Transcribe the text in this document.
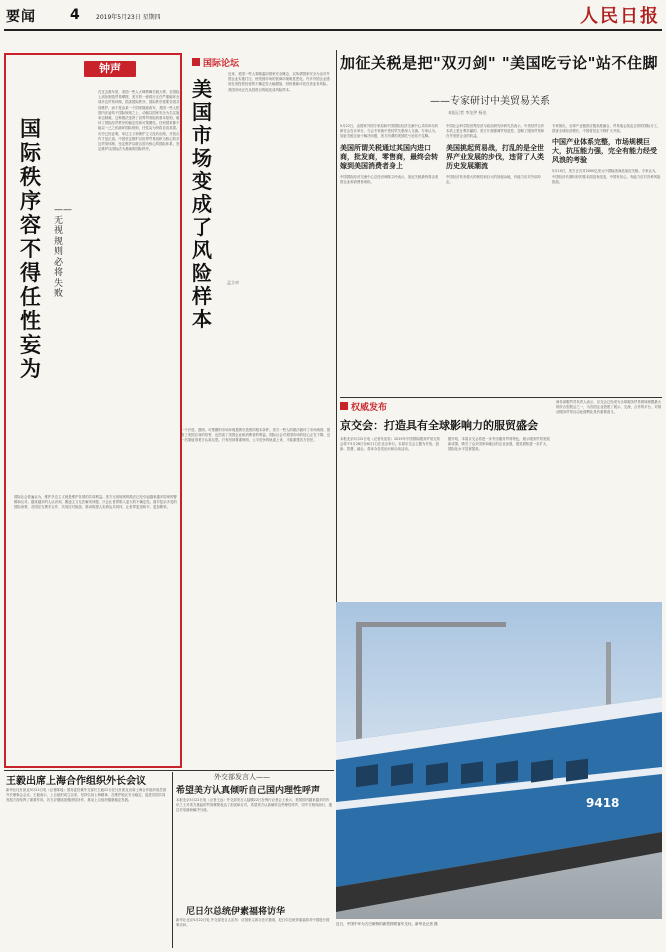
要闻 4	2019年5月23日 星期四	人民日报
钟声
国际秩序容不得任性妄为
——无视规则必将失败
在过去数年里，美国一些人大肆挥舞关税大棒，在国际上到处制造贸易摩擦，美方的一意孤行正在严重破坏全球多边贸易体制，损害国际秩序。国际秩序需要各国共同维护，而不是由某一个国家随意改写。美国一些人把国内法凌驾于国际规则之上，动辄以国家安全为名实施单边制裁，这种做法违背了世界贸易组织基本原则，破坏了国际经贸秩序的稳定性和可预期性。任何国家都不能以一己之私破坏国际规则，任性妄为终将自食其果。历史已经证明，单边主义和保护主义没有出路，开放合作才是正道。中国坚定维护以世界贸易组织为核心的多边贸易体制，坚定维护以联合国为核心的国际体系，坚定维护以国际法为基础的国际秩序。
国际社会普遍认为，维护多边主义就是维护各国的共同利益。美方无视规则的做法已经引起越来越多国家的警惕和反对。越来越多的人认识到，霸凌主义无法解决问题，只会让世界陷入更大的不确定性。面对复杂多变的国际形势，各国应当携手合作，共同应对挑战，推动构建人类命运共同体，让世界更加和平、更加繁荣。
国际论坛
美国市场变成了风险样本
孟立卓
近来，美国一些人频频滥用国家安全概念，以所谓国家安全为由对外国企业实施打压，使美国市场的营商环境明显恶化。许多外国企业感到在美投资经营的不确定性大幅增加，纷纷重新评估在美业务风险。美国市场正在从投资目的地变成风险样本。
一个开放、透明、可预期的市场环境是吸引投资的根本条件。美方一些人的做法破坏了市场规则，损害了美国自身的信誉，也伤害了美国企业和消费者的利益。国际社会对美国市场的信心正在下降，这一后果值得美方认真反思。只有回到尊重规则、公平竞争的轨道上来，才能重建各方信任。
加征关税是把"双刃剑" "美国吃亏论"站不住脚
——专家研讨中美贸易关系
本报记者 李龙伊 杨迅
5月22日，由国家外国专家局和中国国际经济交流中心共同举办的研讨会在京举行，与会专家就中美经贸关系深入交流。专家认为，加征关税无助于解决问题，美方所谓的美国吃亏论站不住脚。
美国所谓关税通过其国内进口商，批发商，零售商，最终会转嫁到美国消费者身上
中国国际经济交流中心总经济师陈文玲表示，加征关税最终将由美国企业和消费者承担。
中国社会科学院世界经济与政治研究所研究员表示，中美经贸合作本质上是互利共赢的，美方片面强调贸易逆差，忽略了服务贸易和在华美资企业的收益。
美国挑起贸易战，打乱的是全世界产业发展的步伐，违背了人类历史发展潮流
中国经济具有强大的韧性和巨大的回旋余地，有能力应对外部冲击。
专家指出，全球产业链供应链高度融合，贸易战会扰乱正常的国际分工，损害全球经济增长，中国将坚定不移扩大开放。
中国产业体系完整，市场规模巨大，抗压能力强，完全有能力经受风浪的考验
5月10日，美方正式对2000亿美元中国输美商品加征关税。专家认为，中国经济长期向好的基本面没有改变，中国有信心、有能力应对各种风险挑战。
权威发布
京交会：打造具有全球影响力的服贸盛会
本报北京5月22日电（记者朱竞若）2019年中国国际服务贸易交易会将于5月28日至6月1日在北京举行。本届京交会主题为开放、创新、智慧、融合，将举办各类论坛和洽谈活动。
据介绍，本届京交会将进一步突出服务贸易特色，展示服务贸易发展新成果，吸引了众多国家和地区的企业参展，展览面积进一步扩大，国际化水平显著提高。
商务部服贸司负责人表示，京交会已经成为全球服务贸易领域规模最大的综合型展会之一，为各国企业搭建了展示、交流、合作的平台，对推动服务贸易自由化便利化具有重要意义。
9418
近日，中国中车为古巴研制的新型铁路客车交付。新华社记者 摄
王毅出席上海合作组织外长会议
新华社比什凯克5月22日电（记者陈瑶）国务委员兼外交部长王毅22日在比什凯克出席上海合作组织成员国外长理事会会议。王毅表示，上合组织成立以来，坚持弘扬上海精神，在维护地区安全稳定、促进各国共同发展方面发挥了重要作用。各方应继续加强团结协作，推动上合组织健康稳定发展。
外交部发言人——
希望美方认真倾听自己国内理性呼声
本报北京5月22日电（记者王远）外交部发言人陆慷22日在例行记者会上表示，美国国内越来越多的有识之士对美方挑起的贸易摩擦表达了担忧和反对，希望美方认真倾听这些理性呼声，同中方相向而行，通过对话磋商解决分歧。
尼日尔总统伊素福将访华
新华社北京5月22日电 外交部发言人宣布：应国家主席习近平邀请，尼日尔总统伊素福将对中国进行国事访问。
